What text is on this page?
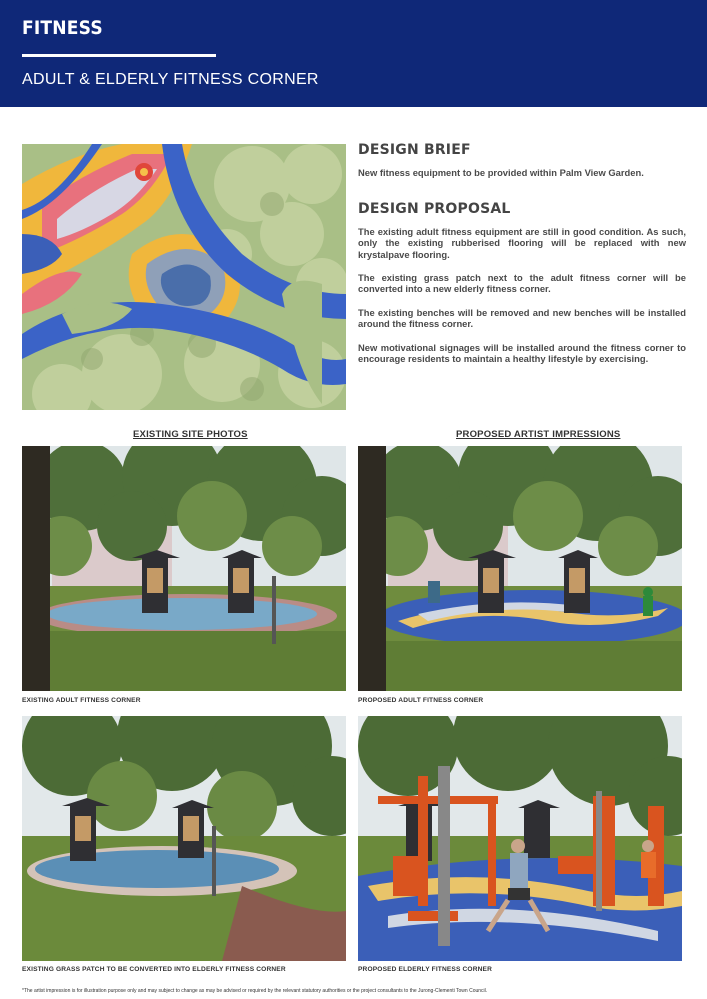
FITNESS
ADULT & ELDERLY FITNESS CORNER
DESIGN BRIEF
New fitness equipment to be provided within Palm View Garden.
DESIGN PROPOSAL
The existing adult fitness equipment are still in good condition. As such, only the existing rubberised flooring will be replaced with new krystalpave flooring.
The existing grass patch next to the adult fitness corner will be converted into a new elderly fitness corner.
The existing benches will be removed and new benches will be installed around the fitness corner.
New motivational signages will be installed around the fitness corner to encourage residents to maintain a healthy lifestyle by exercising.
EXISTING SITE PHOTOS	PROPOSED ARTIST IMPRESSIONS
EXISTING ADULT FITNESS CORNER	PROPOSED ADULT FITNESS CORNER
EXISTING GRASS PATCH TO BE CONVERTED INTO ELDERLY FITNESS CORNER	PROPOSED ELDERLY FITNESS CORNER
*The artist impression is for illustration purpose only and may subject to change as may be advised or required by the relevant statutory authorities or the project consultants to the Jurong-Clementi Town Council.
